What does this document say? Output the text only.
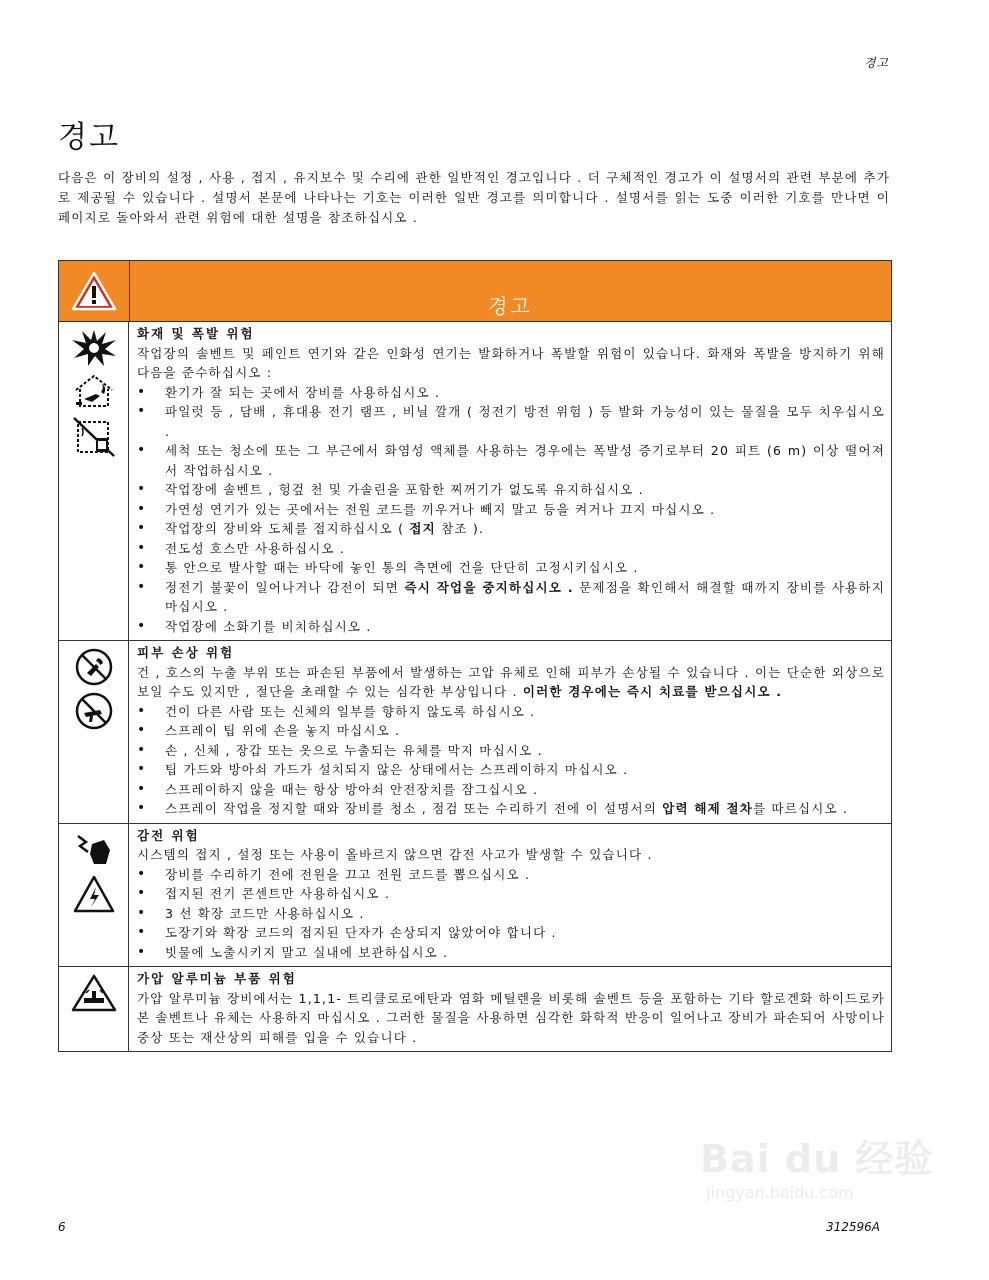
경고
경고

다음은 이 장비의 설정 , 사용 , 접지 , 유지보수 및 수리에 관한 일반적인 경고입니다 . 더 구체적인 경고가 이 설명서의 관련 부분에 추가로 제공될 수 있습니다 . 설명서 본문에 나타나는 기호는 이러한 일반 경고를 의미합니다 . 설명서를 읽는 도중 이러한 기호를 만나면 이 페이지로 돌아와서 관련 위험에 대한 설명을 참조하십시오 .

경고
화재 및 폭발 위험

작업장의 솔벤트 및 페인트 연기와 같은 인화성 연기는 발화하거나 폭발할 위험이 있습니다. 화재와 폭발을 방지하기 위해 다음을 준수하십시오 :

• 환기가 잘 되는 곳에서 장비를 사용하십시오 .
• 파일럿 등 , 담배 , 휴대용 전기 램프 , 비닐 깔개 ( 정전기 방전 위험 ) 등 발화 가능성이 있는 물질을 모두 치우십시오 .
• 세척 또는 청소에 또는 그 부근에서 화염성 액체를 사용하는 경우에는 폭발성 증기로부터 20 피트 (6 m) 이상 떨어져서 작업하십시오 .
• 작업장에 솔벤트 , 헝겊 천 및 가솔린을 포함한 찌꺼기가 없도록 유지하십시오 .
• 가연성 연기가 있는 곳에서는 전원 코드를 끼우거나 빼지 말고 등을 켜거나 끄지 마십시오 .
• 작업장의 장비와 도체를 접지하십시오 ( 접지 참조 ).
• 전도성 호스만 사용하십시오 .
• 통 안으로 발사할 때는 바닥에 놓인 통의 측면에 건을 단단히 고정시키십시오 .
• 정전기 불꽃이 일어나거나 감전이 되면 즉시 작업을 중지하십시오 . 문제점을 확인해서 해결할 때까지 장비를 사용하지 마십시오 .
• 작업장에 소화기를 비치하십시오 .
피부 손상 위험

건 , 호스의 누출 부위 또는 파손된 부품에서 발생하는 고압 유체로 인해 피부가 손상될 수 있습니다 . 이는 단순한 외상으로 보일 수도 있지만 , 절단을 초래할 수 있는 심각한 부상입니다 . 이러한 경우에는 즉시 치료를 받으십시오 .

• 건이 다른 사람 또는 신체의 일부를 향하지 않도록 하십시오 .
• 스프레이 팁 위에 손을 놓지 마십시오 .
• 손 , 신체 , 장갑 또는 옷으로 누출되는 유체를 막지 마십시오 .
• 팁 가드와 방아쇠 가드가 설치되지 않은 상태에서는 스프레이하지 마십시오 .
• 스프레이하지 않을 때는 항상 방아쇠 안전장치를 잠그십시오 .
• 스프레이 작업을 정지할 때와 장비를 청소 , 점검 또는 수리하기 전에 이 설명서의 압력 해제 절차를 따르십시오 .
감전 위험

시스템의 접지 , 설정 또는 사용이 올바르지 않으면 감전 사고가 발생할 수 있습니다 .

• 장비를 수리하기 전에 전원을 끄고 전원 코드를 뽑으십시오 .
• 접지된 전기 콘센트만 사용하십시오 .
• 3 선 확장 코드만 사용하십시오 .
• 도장기와 확장 코드의 접지된 단자가 손상되지 않았어야 합니다 .
• 빗물에 노출시키지 말고 실내에 보관하십시오 .
가압 알루미늄 부품 위험

가압 알루미늄 장비에서는 1,1,1- 트리클로로에탄과 염화 메틸렌을 비롯해 솔벤트 등을 포함하는 기타 할로겐화 하이드로카본 솔벤트나 유체는 사용하지 마십시오 . 그러한 물질을 사용하면 심각한 화학적 반응이 일어나고 장비가 파손되어 사망이나 중상 또는 재산상의 피해를 입을 수 있습니다 .

Bai du 经验
jingyan.baidu.com
6	312596A
